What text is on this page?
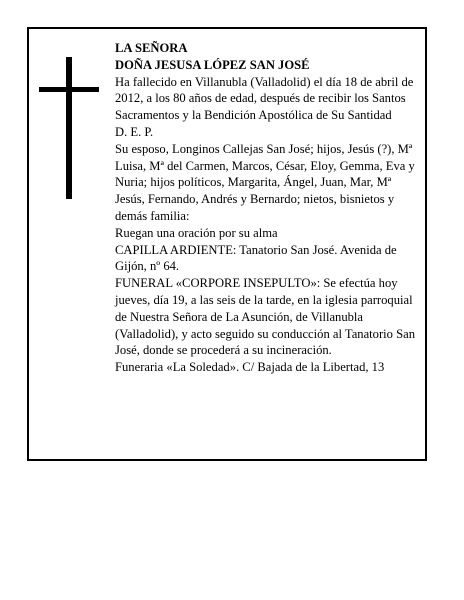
LA SEÑORA

DOÑA JESUSA LÓPEZ SAN JOSÉ

Ha fallecido en Villanubla (Valladolid) el día 18 de abril de 2012, a los 80 años de edad, después de recibir los Santos Sacramentos y la Bendición Apostólica de Su Santidad

D. E. P.

Su esposo, Longinos Callejas San José; hijos, Jesús (?), Mª Luisa, Mª del Carmen, Marcos, César, Eloy, Gemma, Eva y Nuria; hijos políticos, Margarita, Ángel, Juan, Mar, Mª Jesús, Fernando, Andrés y Bernardo; nietos, bisnietos y demás familia:

Ruegan una oración por su alma

CAPILLA ARDIENTE: Tanatorio San José. Avenida de Gijón, nº 64.

FUNERAL «CORPORE INSEPULTO»: Se efectúa hoy jueves, día 19, a las seis de la tarde, en la iglesia parroquial de Nuestra Señora de La Asunción, de Villanubla (Valladolid), y acto seguido su conducción al Tanatorio San José, donde se procederá a su incineración.

Funeraria «La Soledad». C/ Bajada de la Libertad, 13
